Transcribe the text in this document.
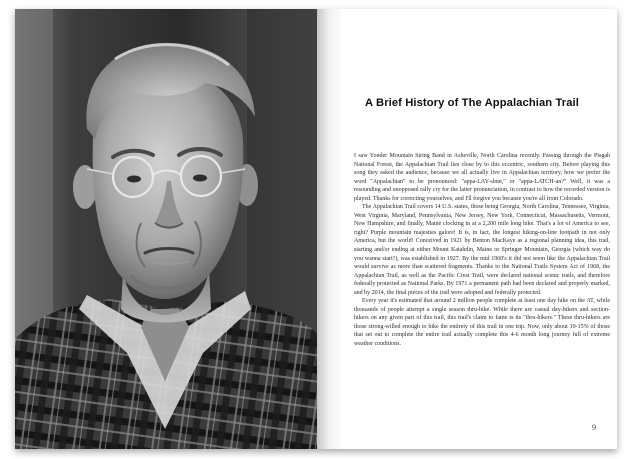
A Brief History of The Appalachian Trail

I saw Yonder Mountain String Band in Asheville, North Carolina recently. Passing through the Pisgah National Forest, the Appalachian Trail lies close by to this eccentric, southern city. Before playing this song they asked the audience, because we all actually live in Appalachian territory, how we prefer the word "Appalachian" to be pronounced: "appa-LAY-shun," or "appa-LATCH-an?" Well, it was a resounding and unopposed rally cry for the latter pronunciation, in contrast to how the recorded version is played. Thanks for correcting yourselves, and I'll forgive you because you're all from Colorado.

The Appalachian Trail covers 14 U.S. states, those being Georgia, North Carolina, Tennessee, Virginia, West Virginia, Maryland, Pennsylvania, New Jersey, New York, Connecticut, Massachusetts, Vermont, New Hampshire, and finally, Maine clocking in at a 2,200 mile long hike. That's a lot of America to see, right? Purple mountain majesties galore! It is, in fact, the longest hiking-on-line footpath in not only America, but the world! Conceived in 1921 by Benton MacKaye as a regional planning idea, this trail, starting and/or ending at either Mount Katahdin, Maine or Springer Mountain, Georgia (which way do you wanna start?), was established in 1927. By the mid 1960's it did not seem like the Appalachian Trail would survive as more than scattered fragments. Thanks to the National Trails System Act of 1968, the Appalachian Trail, as well as the Pacific Crest Trail, were declared national scenic trails, and therefore federally protected as National Parks. By 1971 a permanent path had been declared and properly marked, and by 2014, the final pieces of the trail were adopted and federally protected.

Every year it's estimated that around 2 million people complete at least one day hike on the AT, while thousands of people attempt a single season thru-hike. While there are casual day-hikers and section-hikers on any given part of this trail, this trail's claim to fame is its "thru-hikers." These thru-hikers are those strong-willed enough to hike the entirety of this trail in one trip. Now, only about 10-15% of those that set out to complete the entire trail actually complete this 4-6 month long journey full of extreme weather conditions.

9
